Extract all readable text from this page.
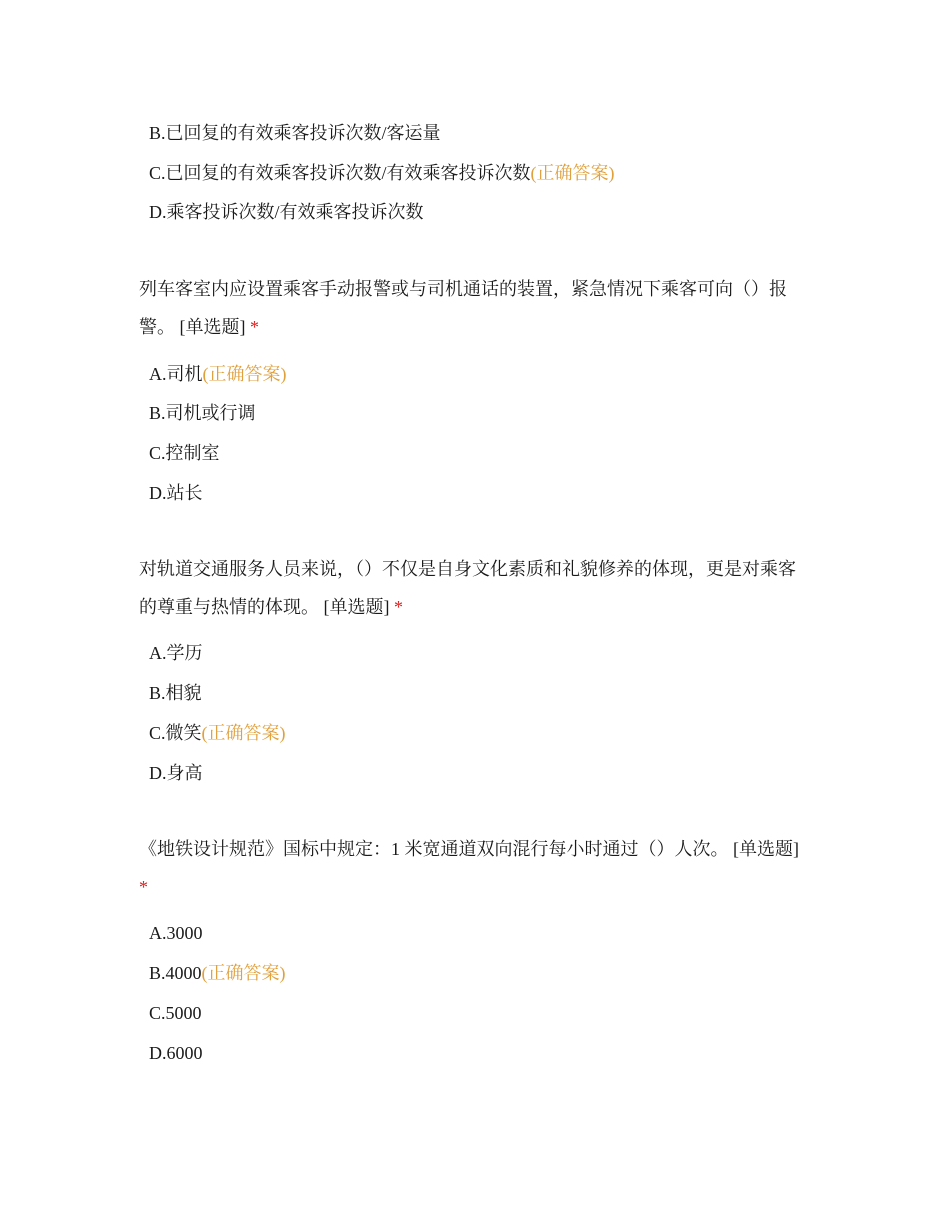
B.已回复的有效乘客投诉次数/客运量
C.已回复的有效乘客投诉次数/有效乘客投诉次数(正确答案)
D.乘客投诉次数/有效乘客投诉次数
列车客室内应设置乘客手动报警或与司机通话的装置，紧急情况下乘客可向（）报警。 [单选题] *
A.司机(正确答案)
B.司机或行调
C.控制室
D.站长
对轨道交通服务人员来说，（）不仅是自身文化素质和礼貌修养的体现，更是对乘客的尊重与热情的体现。 [单选题] *
A.学历
B.相貌
C.微笑(正确答案)
D.身高
《地铁设计规范》国标中规定：1 米宽通道双向混行每小时通过（）人次。 [单选题] *
A.3000
B.4000(正确答案)
C.5000
D.6000
